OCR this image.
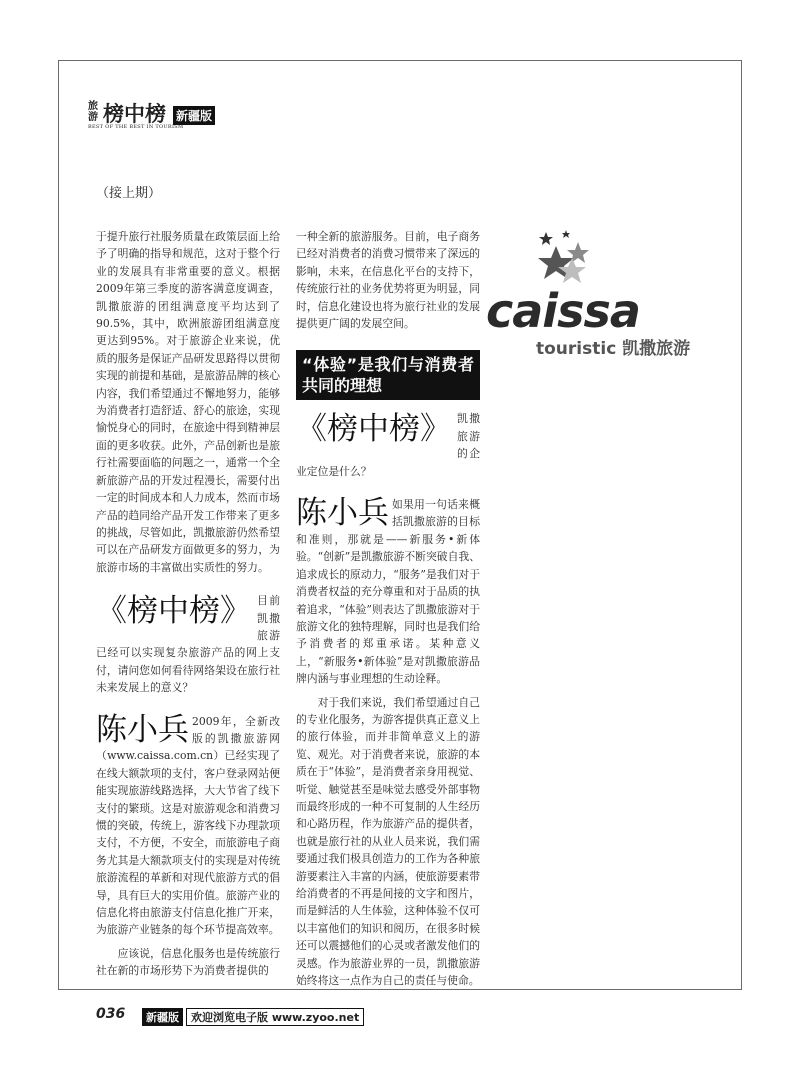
旅游 榜中榜 新疆版
BEST OF THE BEST IN TOURISM
（接上期）

于提升旅行社服务质量在政策层面上给予了明确的指导和规范，这对于整个行业的发展具有非常重要的意义。根据2009年第三季度的游客满意度调查，凯撒旅游的团组满意度平均达到了90.5%，其中，欧洲旅游团组满意度更达到95%。对于旅游企业来说，优质的服务是保证产品研发思路得以贯彻实现的前提和基础，是旅游品牌的核心内容，我们希望通过不懈地努力，能够为消费者打造舒适、舒心的旅途，实现愉悦身心的同时，在旅途中得到精神层面的更多收获。此外，产品创新也是旅行社需要面临的问题之一，通常一个全新旅游产品的开发过程漫长，需要付出一定的时间成本和人力成本，然而市场产品的趋同给产品开发工作带来了更多的挑战，尽管如此，凯撒旅游仍然希望可以在产品研发方面做更多的努力，为旅游市场的丰富做出实质性的努力。

《榜中榜》 目前凯撒旅游已经可以实现复杂旅游产品的网上支付，请问您如何看待网络架设在旅行社未来发展上的意义？
陈小兵 2009年，全新改版的凯撒旅游网（www.caissa.com.cn）已经实现了在线大额款项的支付，客户登录网站便能实现旅游线路选择，大大节省了线下支付的繁琐。这是对旅游观念和消费习惯的突破，传统上，游客线下办理款项支付，不方便，不安全，而旅游电子商务尤其是大额款项支付的实现是对传统旅游流程的革新和对现代旅游方式的倡导，具有巨大的实用价值。旅游产业的信息化将由旅游支付信息化推广开来，为旅游产业链条的每个环节提高效率。

应该说，信息化服务也是传统旅行社在新的市场形势下为消费者提供的

一种全新的旅游服务。目前，电子商务已经对消费者的消费习惯带来了深远的影响，未来，在信息化平台的支持下，传统旅行社的业务优势将更为明显，同时，信息化建设也将为旅行社业的发展提供更广阔的发展空间。

“体验”是我们与消费者共同的理想
《榜中榜》 凯撒旅游的企业定位是什么？
陈小兵 如果用一句话来概括凯撒旅游的目标和准则，那就是——新服务•新体验。“创新”是凯撒旅游不断突破自我、追求成长的原动力，“服务”是我们对于消费者权益的充分尊重和对于品质的执着追求，“体验”则表达了凯撒旅游对于旅游文化的独特理解，同时也是我们给予消费者的郑重承诺。某种意义上，“新服务•新体验”是对凯撒旅游品牌内涵与事业理想的生动诠释。

对于我们来说，我们希望通过自己的专业化服务，为游客提供真正意义上的旅行体验，而并非简单意义上的游览、观光。对于消费者来说，旅游的本质在于“体验”，是消费者亲身用视觉、听觉、触觉甚至是味觉去感受外部事物而最终形成的一种不可复制的人生经历和心路历程，作为旅游产品的提供者，也就是旅行社的从业人员来说，我们需要通过我们极具创造力的工作为各种旅游要素注入丰富的内涵，使旅游要素带给消费者的不再是间接的文字和图片，而是鲜活的人生体验，这种体验不仅可以丰富他们的知识和阅历，在很多时候还可以震撼他们的心灵或者激发他们的灵感。作为旅游业界的一员，凯撒旅游始终将这一点作为自己的责任与使命。

caissa
touristic 凯撒旅游
036	新疆版	欢迎浏览电子版 www.zyoo.net
